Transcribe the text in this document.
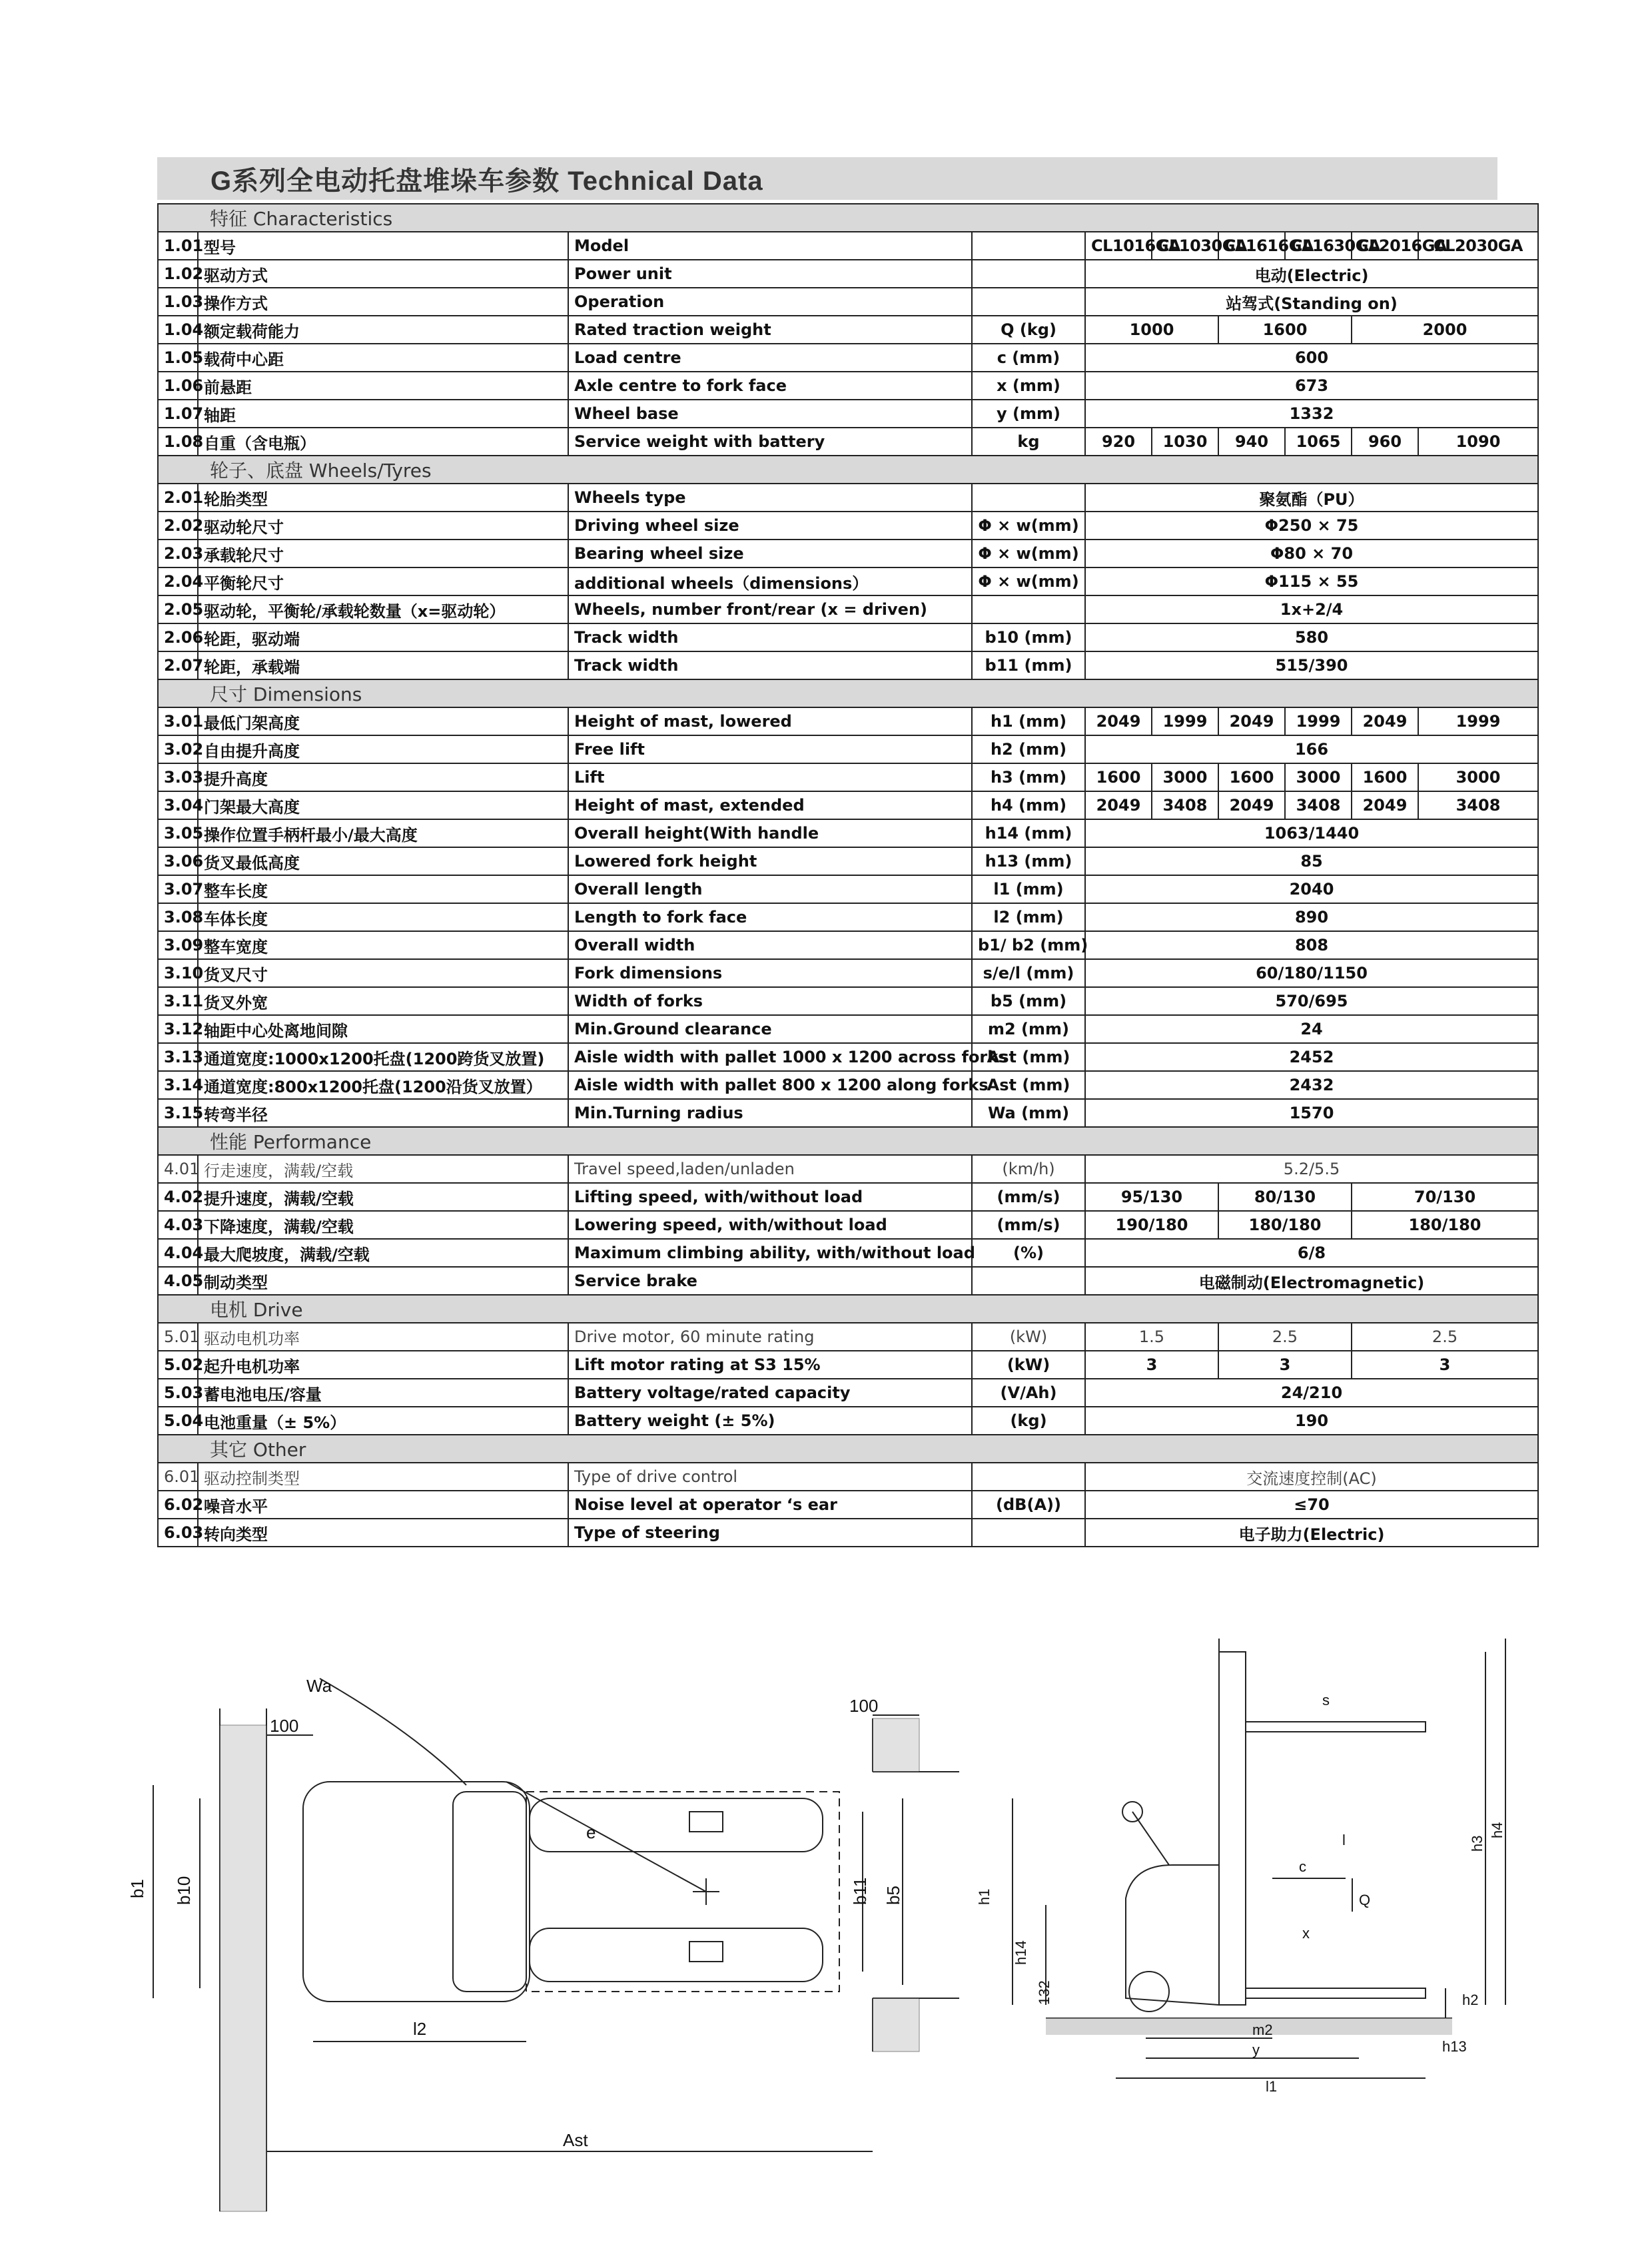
G系列全电动托盘堆垛车参数 Technical Data
	特征 Characteristics								
1.01	型号	Model		CL1016GA	CL1030GA	CL1616GA	CL1630GA	CL2016GA	CL2030GA
1.02	驱动方式	Power unit		电动(Electric)					
1.03	操作方式	Operation		站驾式(Standing on)					
1.04	额定载荷能力	Rated traction weight	Q (kg)	1000		1600		2000	
1.05	载荷中心距	Load centre	c (mm)	600					
1.06	前悬距	Axle centre to fork face	x (mm)	673					
1.07	轴距	Wheel base	y (mm)	1332					
1.08	自重（含电瓶）	Service weight with battery	kg	920	1030	940	1065	960	1090
	轮子、底盘 Wheels/Tyres								
2.01	轮胎类型	Wheels type		聚氨酯（PU）					
2.02	驱动轮尺寸	Driving wheel size	Φ × w(mm)	Φ250 × 75					
2.03	承载轮尺寸	Bearing wheel size	Φ × w(mm)	Φ80 × 70					
2.04	平衡轮尺寸	additional wheels（dimensions）	Φ × w(mm)	Φ115 × 55					
2.05	驱动轮，平衡轮/承载轮数量（x=驱动轮）	Wheels, number front/rear (x = driven)		1x+2/4					
2.06	轮距，驱动端	Track width	b10 (mm)	580					
2.07	轮距，承载端	Track width	b11 (mm)	515/390					
	尺寸 Dimensions								
3.01	最低门架高度	Height of mast, lowered	h1 (mm)	2049	1999	2049	1999	2049	1999
3.02	自由提升高度	Free lift	h2 (mm)	166					
3.03	提升高度	Lift	h3 (mm)	1600	3000	1600	3000	1600	3000
3.04	门架最大高度	Height of mast, extended	h4 (mm)	2049	3408	2049	3408	2049	3408
3.05	操作位置手柄杆最小/最大高度	Overall height(With handle	h14 (mm)	1063/1440					
3.06	货叉最低高度	Lowered fork height	h13 (mm)	85					
3.07	整车长度	Overall length	l1 (mm)	2040					
3.08	车体长度	Length to fork face	l2 (mm)	890					
3.09	整车宽度	Overall width	b1/ b2 (mm)	808					
3.10	货叉尺寸	Fork dimensions	s/e/l (mm)	60/180/1150					
3.11	货叉外宽	Width of forks	b5 (mm)	570/695					
3.12	轴距中心处离地间隙	Min.Ground clearance	m2 (mm)	24					
3.13	通道宽度:1000x1200托盘(1200跨货叉放置)	Aisle width with pallet 1000 x 1200 across forks	Ast (mm)	2452					
3.14	通道宽度:800x1200托盘(1200沿货叉放置）	Aisle width with pallet 800 x 1200 along forks	Ast (mm)	2432					
3.15	转弯半径	Min.Turning radius	Wa (mm)	1570					
	性能 Performance								
4.01	行走速度，满载/空载	Travel speed,laden/unladen	(km/h)	5.2/5.5					
4.02	提升速度，满载/空载	Lifting speed, with/without load	(mm/s)	95/130		80/130		70/130	
4.03	下降速度，满载/空载	Lowering speed, with/without load	(mm/s)	190/180		180/180		180/180	
4.04	最大爬坡度，满载/空载	Maximum climbing ability, with/without load	(%)	6/8					
4.05	制动类型	Service brake		电磁制动(Electromagnetic)					
	电机 Drive								
5.01	驱动电机功率	Drive motor, 60 minute rating	(kW)	1.5		2.5		2.5	
5.02	起升电机功率	Lift motor rating at S3 15%	(kW)	3		3		3	
5.03	蓄电池电压/容量	Battery voltage/rated capacity	(V/Ah)	24/210					
5.04	电池重量（± 5%）	Battery weight (± 5%)	(kg)	190					
	其它 Other								
6.01	驱动控制类型	Type of drive control		交流速度控制(AC)					
6.02	噪音水平	Noise level at operator ‘s ear	(dB(A))	≤70					
6.03	转向类型	Type of steering		电子助力(Electric)					
Wa
100
100
b1 b10	b11 b5
l2
Ast
e
h1
h14
h3
h4
h2
h13
c
Q
l
x
s
m2
y
l1
132
